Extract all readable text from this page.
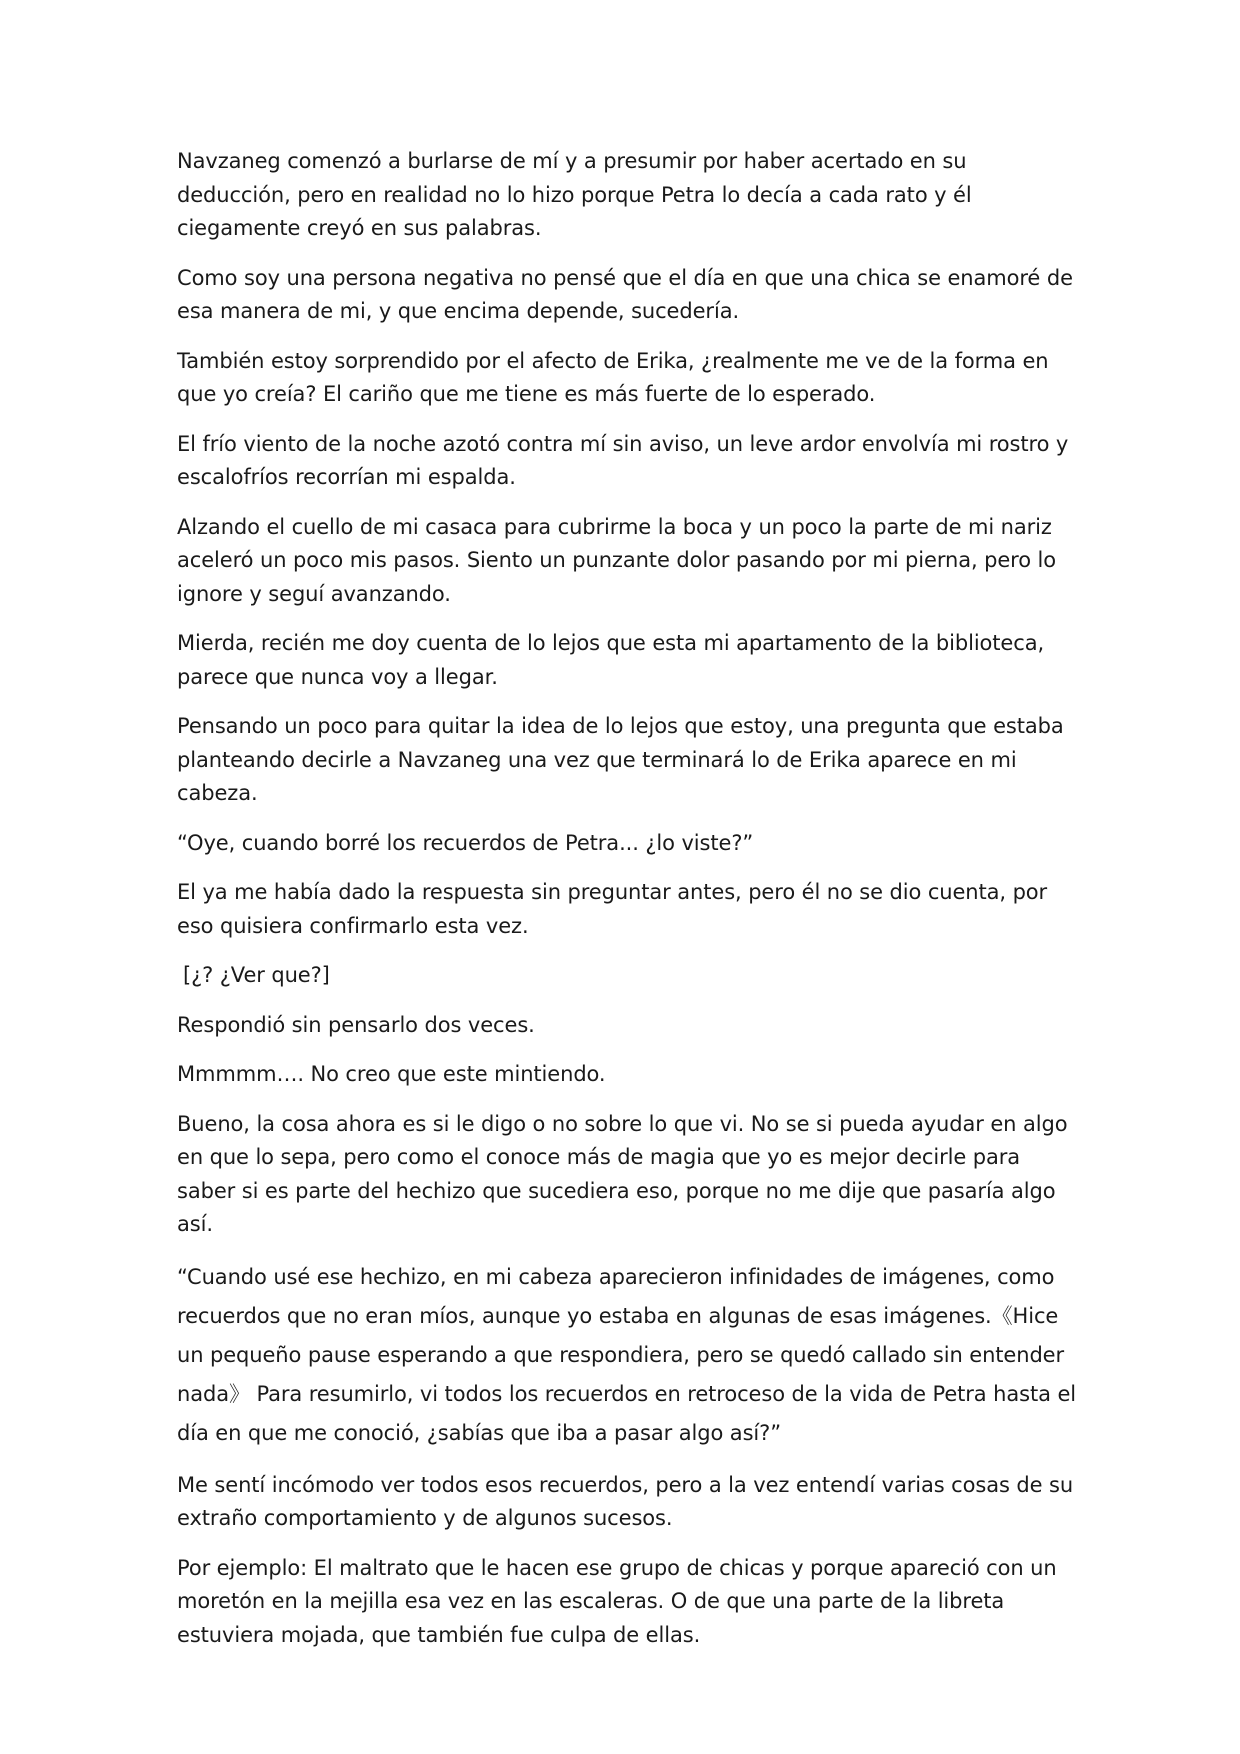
Navzaneg comenzó a burlarse de mí y a presumir por haber acertado en su deducción, pero en realidad no lo hizo porque Petra lo decía a cada rato y él ciegamente creyó en sus palabras.

Como soy una persona negativa no pensé que el día en que una chica se enamoré de esa manera de mi, y que encima depende, sucedería.

También estoy sorprendido por el afecto de Erika, ¿realmente me ve de la forma en que yo creía? El cariño que me tiene es más fuerte de lo esperado.

El frío viento de la noche azotó contra mí sin aviso, un leve ardor envolvía mi rostro y escalofríos recorrían mi espalda.

Alzando el cuello de mi casaca para cubrirme la boca y un poco la parte de mi nariz aceleró un poco mis pasos. Siento un punzante dolor pasando por mi pierna, pero lo ignore y seguí avanzando.

Mierda, recién me doy cuenta de lo lejos que esta mi apartamento de la biblioteca, parece que nunca voy a llegar.

Pensando un poco para quitar la idea de lo lejos que estoy, una pregunta que estaba planteando decirle a Navzaneg una vez que terminará lo de Erika aparece en mi cabeza.

“Oye, cuando borré los recuerdos de Petra... ¿lo viste?”

El ya me había dado la respuesta sin preguntar antes, pero él no se dio cuenta, por eso quisiera confirmarlo esta vez.

[¿? ¿Ver que?]

Respondió sin pensarlo dos veces.

Mmmmm…. No creo que este mintiendo.

Bueno, la cosa ahora es si le digo o no sobre lo que vi. No se si pueda ayudar en algo en que lo sepa, pero como el conoce más de magia que yo es mejor decirle para saber si es parte del hechizo que sucediera eso, porque no me dije que pasaría algo así.

“Cuando usé ese hechizo, en mi cabeza aparecieron infinidades de imágenes, como recuerdos que no eran míos, aunque yo estaba en algunas de esas imágenes.《Hice un pequeño pause esperando a que respondiera, pero se quedó callado sin entender nada》 Para resumirlo, vi todos los recuerdos en retroceso de la vida de Petra hasta el día en que me conoció, ¿sabías que iba a pasar algo así?”

Me sentí incómodo ver todos esos recuerdos, pero a la vez entendí varias cosas de su extraño comportamiento y de algunos sucesos.

Por ejemplo: El maltrato que le hacen ese grupo de chicas y porque apareció con un moretón en la mejilla esa vez en las escaleras. O de que una parte de la libreta estuviera mojada, que también fue culpa de ellas.
